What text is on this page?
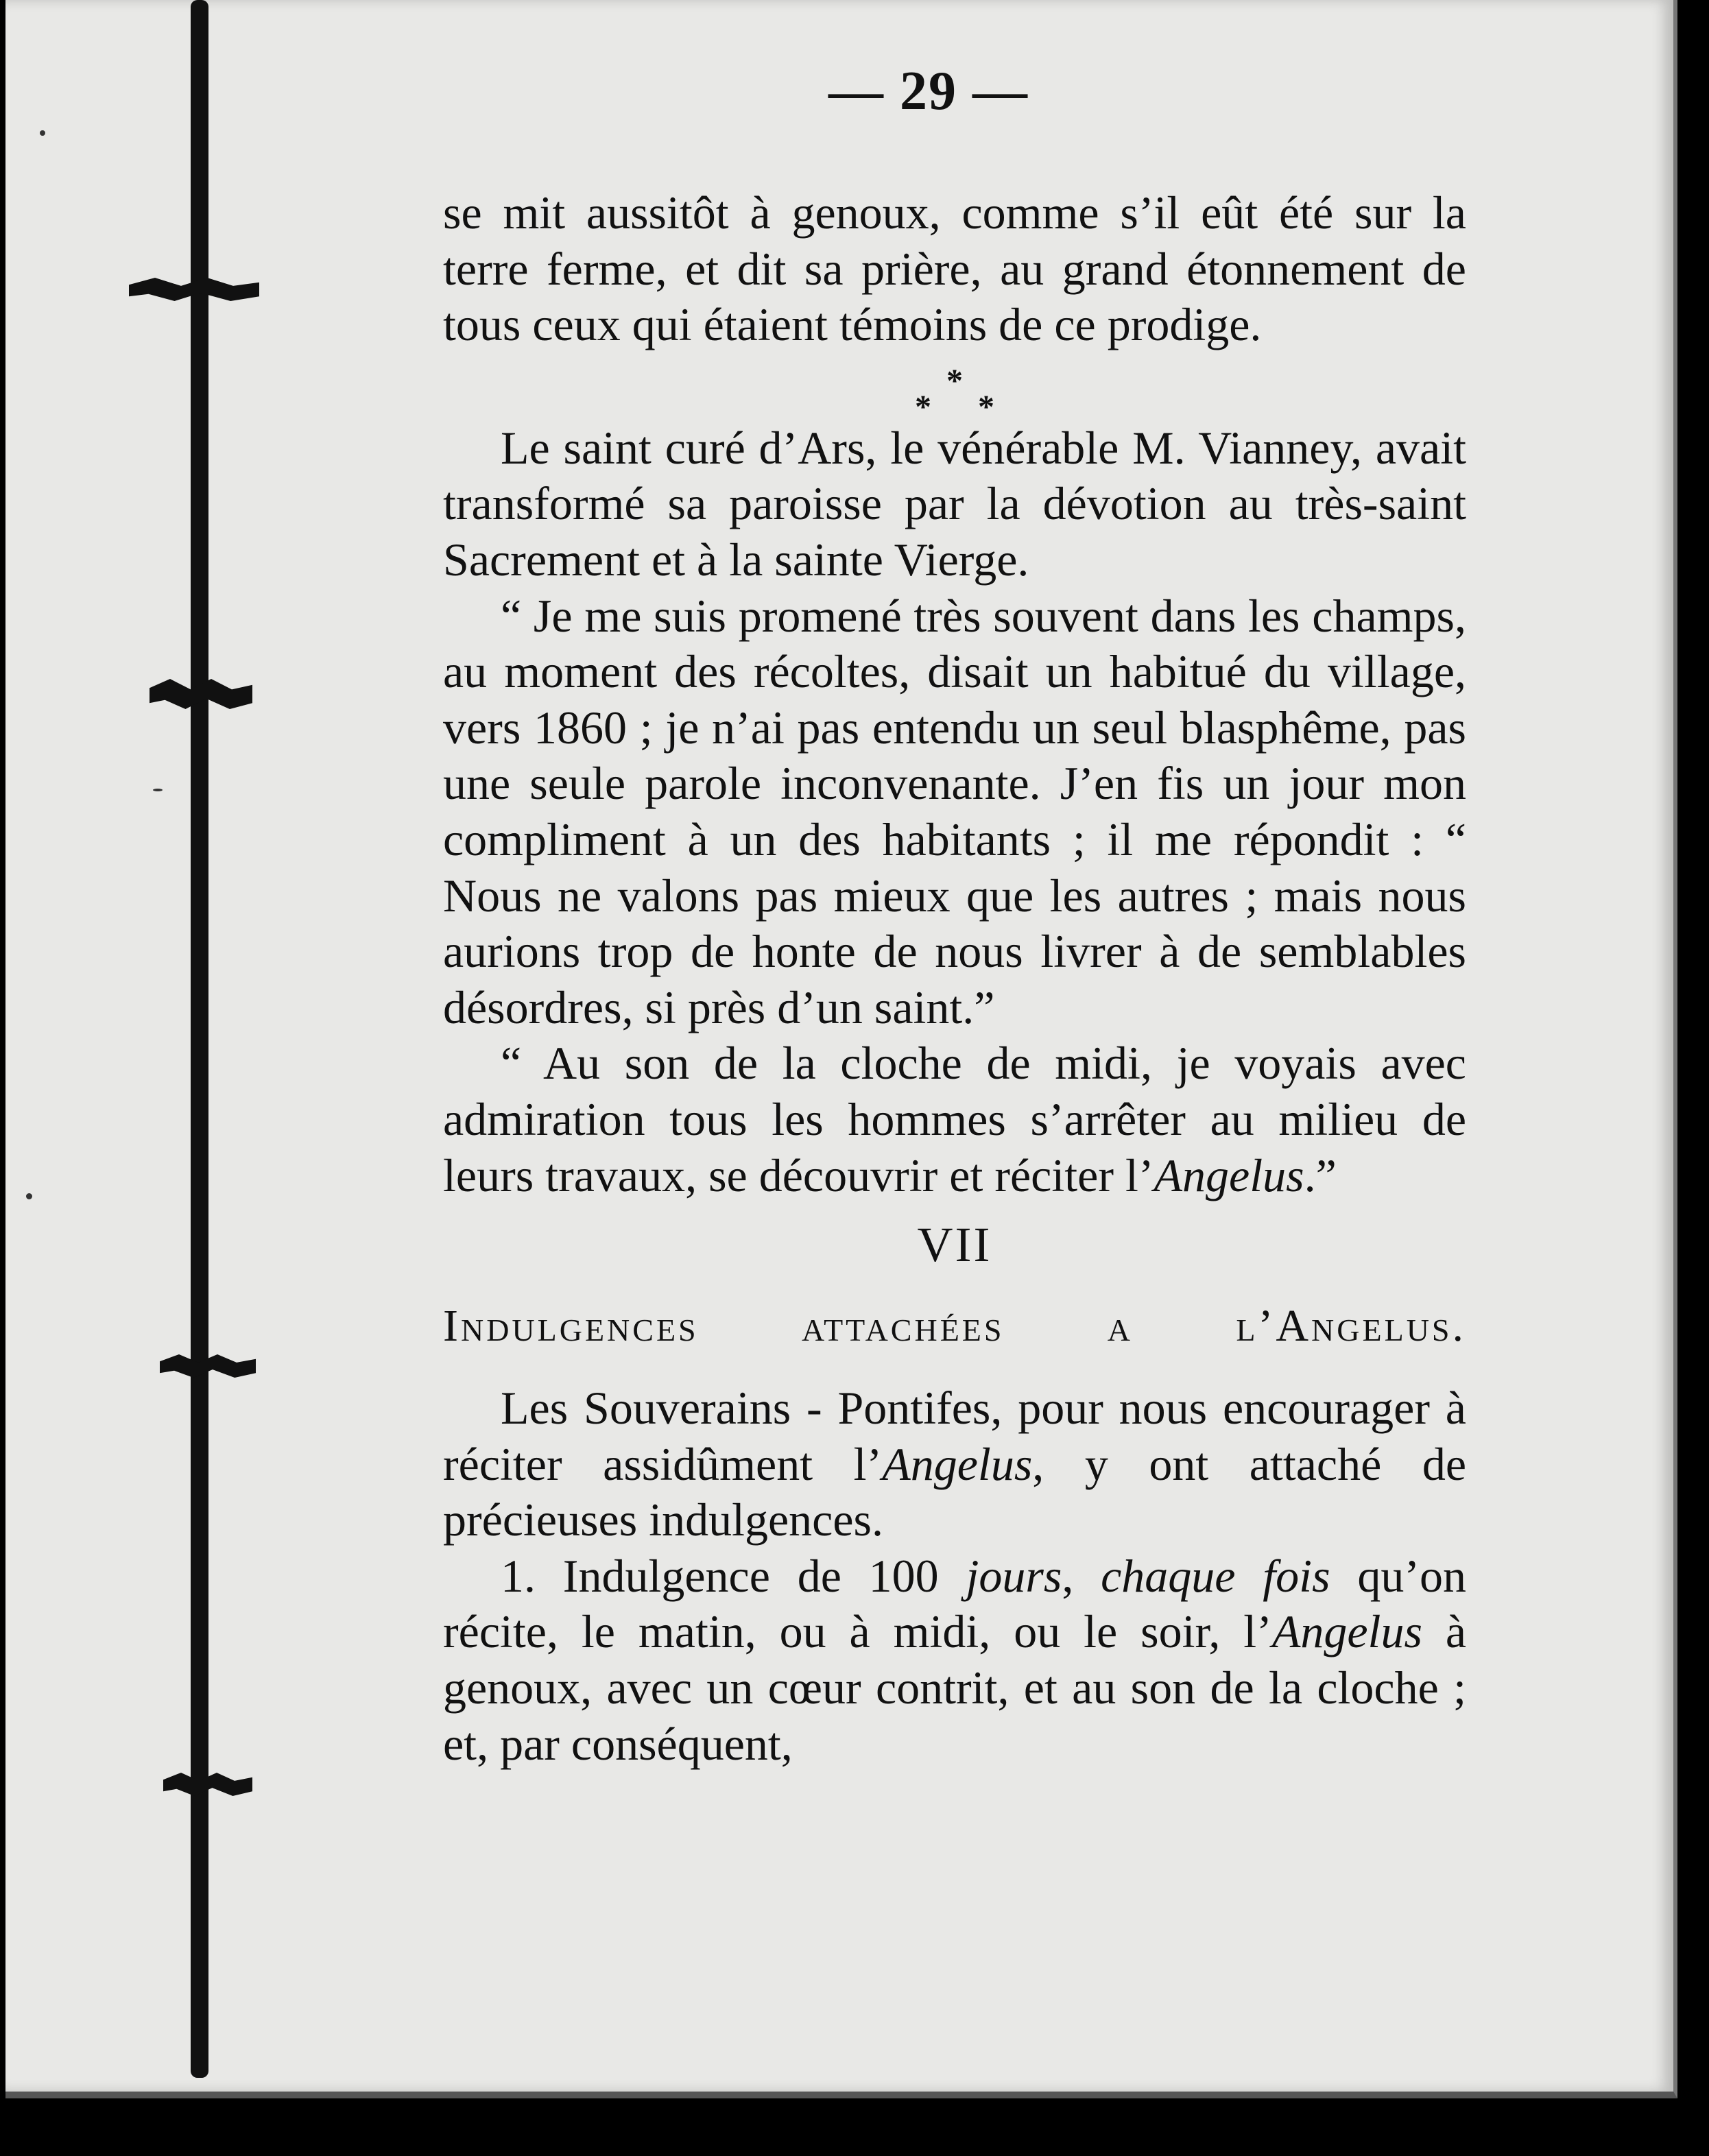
— 29 —

se mit aussitôt à genoux, comme s’il eût été sur la terre ferme, et dit sa prière, au grand étonnement de tous ceux qui étaient témoins de ce prodige.

*
* *

Le saint curé d’Ars, le vénérable M. Vianney, avait transformé sa paroisse par la dévotion au très-saint Sacrement et à la sainte Vierge.

“ Je me suis promené très souvent dans les champs, au moment des récoltes, disait un habitué du village, vers 1860 ; je n’ai pas entendu un seul blasphême, pas une seule parole inconvenante. J’en fis un jour mon compliment à un des habitants ; il me répondit : “ Nous ne valons pas mieux que les autres ; mais nous aurions trop de honte de nous livrer à de semblables désordres, si près d’un saint.”

“ Au son de la cloche de midi, je voyais avec admiration tous les hommes s’arrêter au milieu de leurs travaux, se découvrir et réciter l’Angelus.”

VII
Indulgences attachées a l’Angelus.

Les Souverains - Pontifes, pour nous encourager à réciter assidûment l’Angelus, y ont attaché de précieuses indulgences.

1. Indulgence de 100 jours, chaque fois qu’on récite, le matin, ou à midi, ou le soir, l’Angelus à genoux, avec un cœur contrit, et au son de la cloche ; et, par conséquent,
